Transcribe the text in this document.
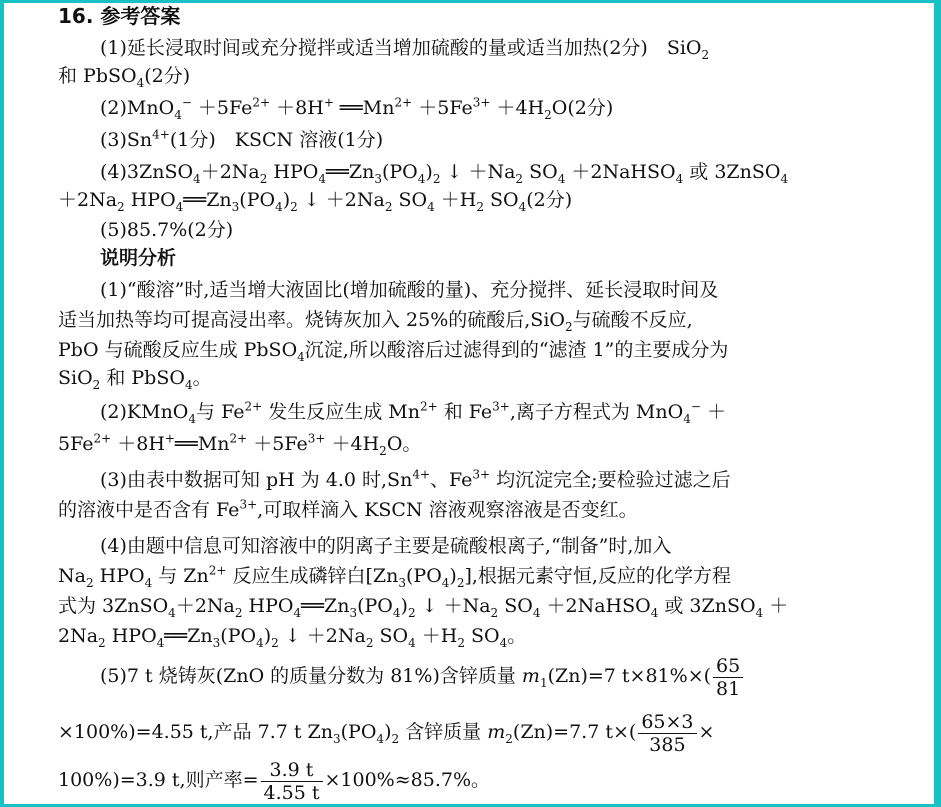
16. 参考答案
(1)延长浸取时间或充分搅拌或适当增加硫酸的量或适当加热(2分)　SiO$_2$
和 PbSO$_4$(2分)
$(2)MnO_4^- +5Fe^{2+} +8H^+$ $══Mn^{2+} +5Fe^{3+} +4H_2O(2$分)
$(3)Sn^{4+}(1$分)　KSCN 溶液(1分)
$(4)3ZnSO_4+2Na_2$ $HPO_4══Zn_3(PO_4)_2$ ↓ $+Na_2$ $SO_4$ ＋2NaHSO$_4$ 或 3ZnSO$_4$
$+2Na_2$ $HPO_4══Zn_3(PO_4)_2$ ↓ $+2Na_2$ $SO_4 +H_2$ $SO_4(2$分)
(5)85.7%(2分)
说明分析
(1)“酸溶”时,适当增大液固比(增加硫酸的量)、充分搅拌、延长浸取时间及
适当加热等均可提高浸出率。烧铸灰加入 25%的硫酸后,SiO$_2$与硫酸不反应,
PbO 与硫酸反应生成 PbSO$_4$沉淀,所以酸溶后过滤得到的“滤渣 1”的主要成分为
SiO$_2$ 和 PbSO$_4$。
(2)KMnO$_4$与 $Fe^{2+}$ 发生反应生成 $Mn^{2+}$ 和 $Fe^{3+}$,离子方程式为 MnO$_4$− ＋
$5Fe^{2+}$ $+8H^+══Mn^{2+} +5Fe^{3+} +4H_2O$。
(3)由表中数据可知 pH 为 4.0 时$,Sn^{4+}$、$Fe^{3+}$ 均沉淀完全;要检验过滤之后
的溶液中是否含有 $Fe^{3+}$,可取样滴入 KSCN 溶液观察溶液是否变红。
(4)由题中信息可知溶液中的阴离子主要是硫酸根离子,“制备”时,加入
$Na_2$ $HPO_4$ 与 $Zn^{2+}$ 反应生成磷锌白$[Zn_3(PO_4)_2]$,根据元素守恒,反应的化学方程
式为 $3ZnSO_4+2Na_2$ $HPO_4══Zn_3(PO_4)_2$ ↓ $+Na_2$ $SO_4$ ＋2NaHSO$_4$ 或 3ZnSO$_4$ ＋
$2Na_2$ $HPO_4══Zn_3(PO_4)_2$ ↓ $+2Na_2$ $SO_4 +H_2$ $SO_4$。
(5)7 t 烧铸灰(ZnO 的质量分数为 81%)含锌质量 $m_1(Zn)=7$ $t\times 81\%\times( \frac{65}{81}$
×100%)=4.55 t,产品 7.7 t $Zn_3(PO_4)_2$ 含锌质量 $m_2(Zn)=7.7$ $t\times( \frac{65\times 3}{385}$ ×
100%)=3.9 t,则产率= $\frac{3.9 t}{4.55 t} \times 100\%\approx 85.7\%$。
